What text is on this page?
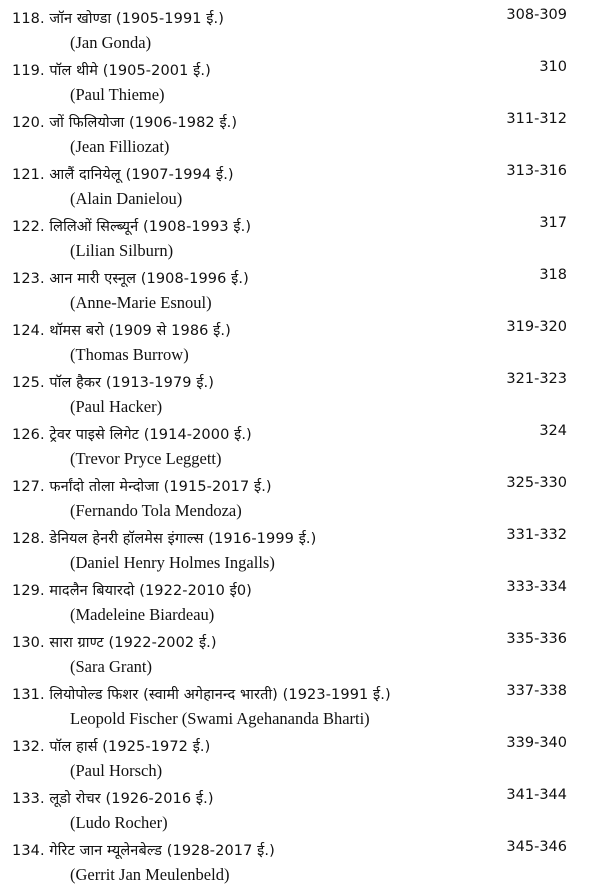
118. जॉन खोण्डा (1905-1991 ई.)	308-309
(Jan Gonda)
119. पॉल थीमे (1905-2001 ई.)	310
(Paul Thieme)
120. जों फिलियोजा (1906-1982 ई.)	311-312
(Jean Filliozat)
121. आलैं दानियेलू (1907-1994 ई.)	313-316
(Alain Danielou)
122. लिलिओं सिल्ब्यूर्न (1908-1993 ई.)	317
(Lilian Silburn)
123. आन मारी एस्नूल (1908-1996 ई.)	318
(Anne-Marie Esnoul)
124. थॉमस बरो (1909 से 1986 ई.)	319-320
(Thomas Burrow)
125. पॉल हैकर (1913-1979 ई.)	321-323
(Paul Hacker)
126. ट्रेवर पाइसे लिगेट (1914-2000 ई.)	324
(Trevor Pryce Leggett)
127. फर्नांदो तोला मेन्दोजा (1915-2017 ई.)	325-330
(Fernando Tola Mendoza)
128. डेनियल हेनरी हॉलमेस इंगाल्स (1916-1999 ई.)	331-332
(Daniel Henry Holmes Ingalls)
129. मादलैन बियारदो (1922-2010 ई0)	333-334
(Madeleine Biardeau)
130. सारा ग्राण्ट (1922-2002 ई.)	335-336
(Sara Grant)
131. लियोपोल्ड फिशर (स्वामी अगेहानन्द भारती) (1923-1991 ई.)	337-338
Leopold Fischer (Swami Agehananda Bharti)
132. पॉल हार्स (1925-1972 ई.)	339-340
(Paul Horsch)
133. लूडो रोचर (1926-2016 ई.)	341-344
(Ludo Rocher)
134. गेरिट जान म्यूलेनबेल्ड (1928-2017 ई.)	345-346
(Gerrit Jan Meulenbeld)
